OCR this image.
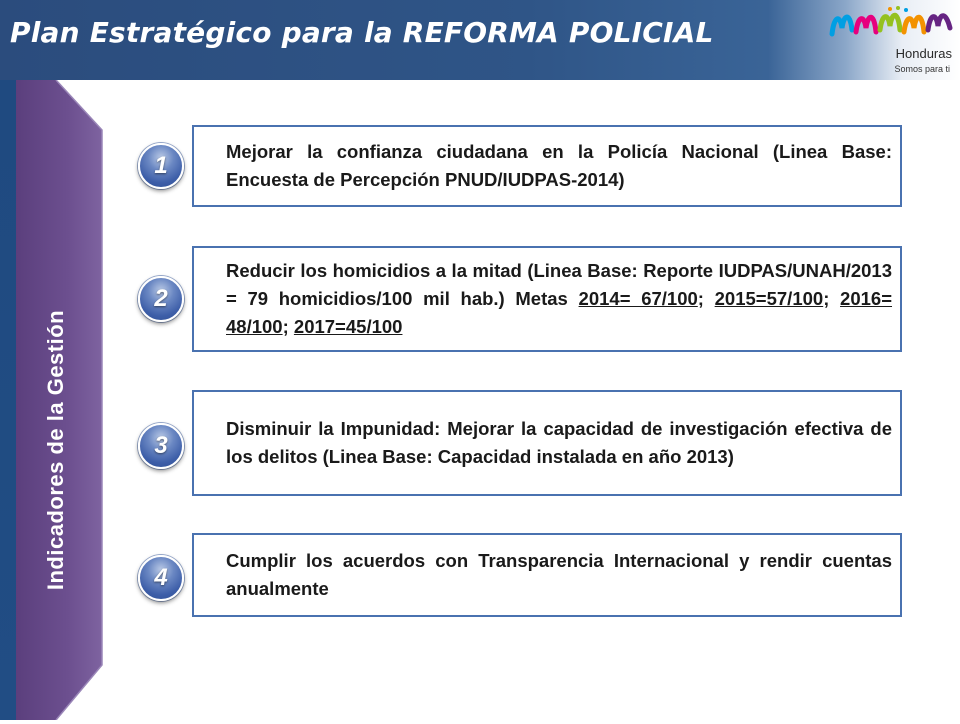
Plan Estratégico para la REFORMA POLICIAL
Honduras
Somos para ti
Indicadores de la Gestión
1

Mejorar la confianza ciudadana en la Policía Nacional (Linea Base: Encuesta de Percepción PNUD/IUDPAS-2014)

2

Reducir los homicidios a la mitad (Linea Base: Reporte IUDPAS/UNAH/2013 = 79 homicidios/100 mil hab.) Metas 2014= 67/100; 2015=57/100; 2016= 48/100; 2017=45/100

3

Disminuir la Impunidad: Mejorar la capacidad de investigación efectiva de los delitos (Linea Base: Capacidad instalada en año 2013)

4

Cumplir los acuerdos con Transparencia Internacional y rendir cuentas anualmente
